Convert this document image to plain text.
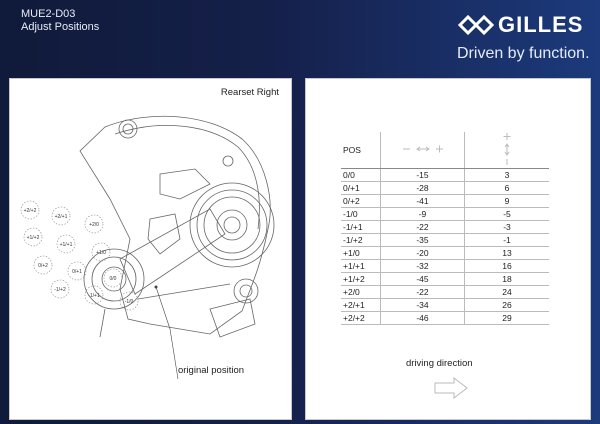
MUE2-D03
Adjust Positions	GILLES
Driven by function.
+2/+2
+2/+1
+2/0
+1/+2
+1/+1
+1/0
0/+2
0/+1
0/0
-1/+2
-1/+1
-1/0
Rearset Right
original position
POS		
0/0	-15	3
0/+1	-28	6
0/+2	-41	9
-1/0	-9	-5
-1/+1	-22	-3
-1/+2	-35	-1
+1/0	-20	13
+1/+1	-32	16
+1/+2	-45	18
+2/0	-22	24
+2/+1	-34	26
+2/+2	-46	29
driving direction
